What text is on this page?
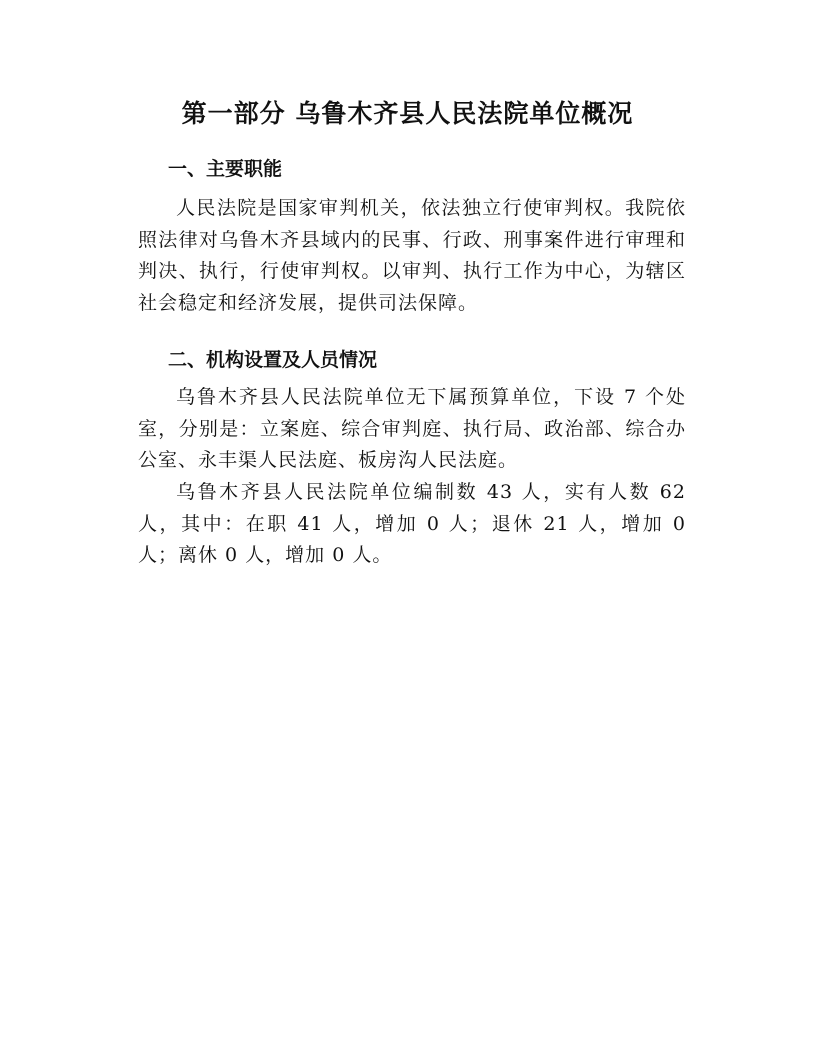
第一部分 乌鲁木齐县人民法院单位概况
一、主要职能

人民法院是国家审判机关，依法独立行使审判权。我院依照法律对乌鲁木齐县域内的民事、行政、刑事案件进行审理和判决、执行，行使审判权。以审判、执行工作为中心，为辖区社会稳定和经济发展，提供司法保障。

二、机构设置及人员情况

乌鲁木齐县人民法院单位无下属预算单位，下设 7 个处室，分别是：立案庭、综合审判庭、执行局、政治部、综合办公室、永丰渠人民法庭、板房沟人民法庭。

乌鲁木齐县人民法院单位编制数 43 人，实有人数 62 人，其中：在职 41 人，增加 0 人；退休 21 人，增加 0 人；离休 0 人，增加 0 人。
